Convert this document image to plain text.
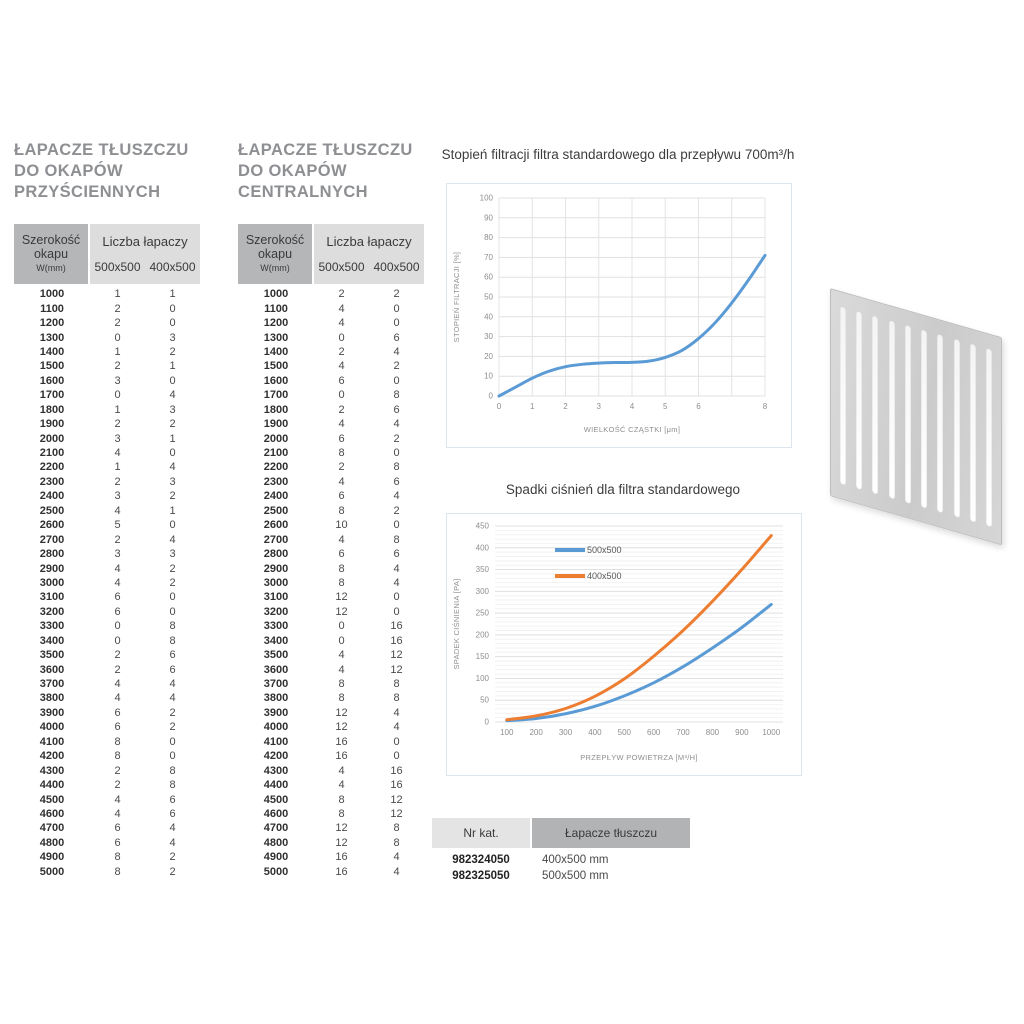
ŁAPACZE TŁUSZCZU
DO OKAPÓW
PRZYŚCIENNYCH
Szerokość
okapu
W(mm)
Liczba łapaczy
500x500 400x500
1000	1	1
1100	2	0
1200	2	0
1300	0	3
1400	1	2
1500	2	1
1600	3	0
1700	0	4
1800	1	3
1900	2	2
2000	3	1
2100	4	0
2200	1	4
2300	2	3
2400	3	2
2500	4	1
2600	5	0
2700	2	4
2800	3	3
2900	4	2
3000	4	2
3100	6	0
3200	6	0
3300	0	8
3400	0	8
3500	2	6
3600	2	6
3700	4	4
3800	4	4
3900	6	2
4000	6	2
4100	8	0
4200	8	0
4300	2	8
4400	2	8
4500	4	6
4600	4	6
4700	6	4
4800	6	4
4900	8	2
5000	8	2
ŁAPACZE TŁUSZCZU
DO OKAPÓW
CENTRALNYCH
Szerokość
okapu
W(mm)
Liczba łapaczy
500x500 400x500
1000	2	2
1100	4	0
1200	4	0
1300	0	6
1400	2	4
1500	4	2
1600	6	0
1700	0	8
1800	2	6
1900	4	4
2000	6	2
2100	8	0
2200	2	8
2300	4	6
2400	6	4
2500	8	2
2600	10	0
2700	4	8
2800	6	6
2900	8	4
3000	8	4
3100	12	0
3200	12	0
3300	0	16
3400	0	16
3500	4	12
3600	4	12
3700	8	8
3800	8	8
3900	12	4
4000	12	4
4100	16	0
4200	16	0
4300	4	16
4400	4	16
4500	8	12
4600	8	12
4700	12	8
4800	12	8
4900	16	4
5000	16	4
Stopień filtracji filtra standardowego dla przepływu 700m³/h
0
10
20
30
40
50
60
70
80
90
100
0	1	2	3	4	5	6	8
WIELKOŚĆ CZĄSTKI [μm]
STOPIEŃ FILTRACJI [%]
Spadki ciśnień dla filtra standardowego
0
50
100
150
200
250
300
350
400
450
100 200 300 400 500 600 700 800 900 1000
PRZEPŁYW POWIETRZA [M³/H]
SPADEK CIŚNIENIA [PA]
500x500
400x500
Nr kat.	Łapacze tłuszczu
982324050	400x500 mm
982325050	500x500 mm
